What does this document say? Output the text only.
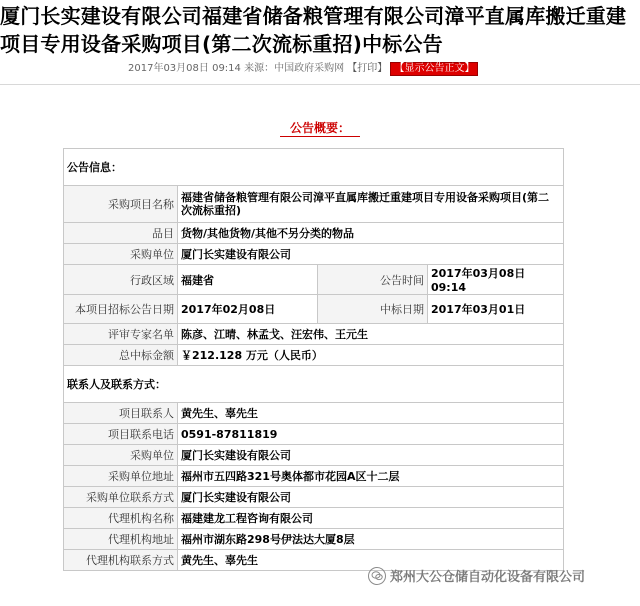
厦门长实建设有限公司福建省储备粮管理有限公司漳平直属库搬迁重建项目专用设备采购项目(第二次流标重招)中标公告
2017年03月08日 09:14 来源：中国政府采购网 【打印】 【显示公告正文】
公告概要：
公告信息：			
采购项目名称	福建省储备粮管理有限公司漳平直属库搬迁重建项目专用设备采购项目(第二次流标重招)		
品目	货物/其他货物/其他不另分类的物品		
采购单位	厦门长实建设有限公司		
行政区域	福建省	公告时间	2017年03月08日 09:14
本项目招标公告日期	2017年02月08日	中标日期	2017年03月01日
评审专家名单	陈彦、江晴、林孟戈、汪宏伟、王元生		
总中标金额	￥212.128 万元（人民币）		
联系人及联系方式：			
项目联系人	黄先生、辜先生		
项目联系电话	0591-87811819		
采购单位	厦门长实建设有限公司		
采购单位地址	福州市五四路321号奥体都市花园A区十二层		
采购单位联系方式	厦门长实建设有限公司		
代理机构名称	福建建龙工程咨询有限公司		
代理机构地址	福州市湖东路298号伊法达大厦8层		
代理机构联系方式	黄先生、辜先生		
郑州大公仓储自动化设备有限公司
